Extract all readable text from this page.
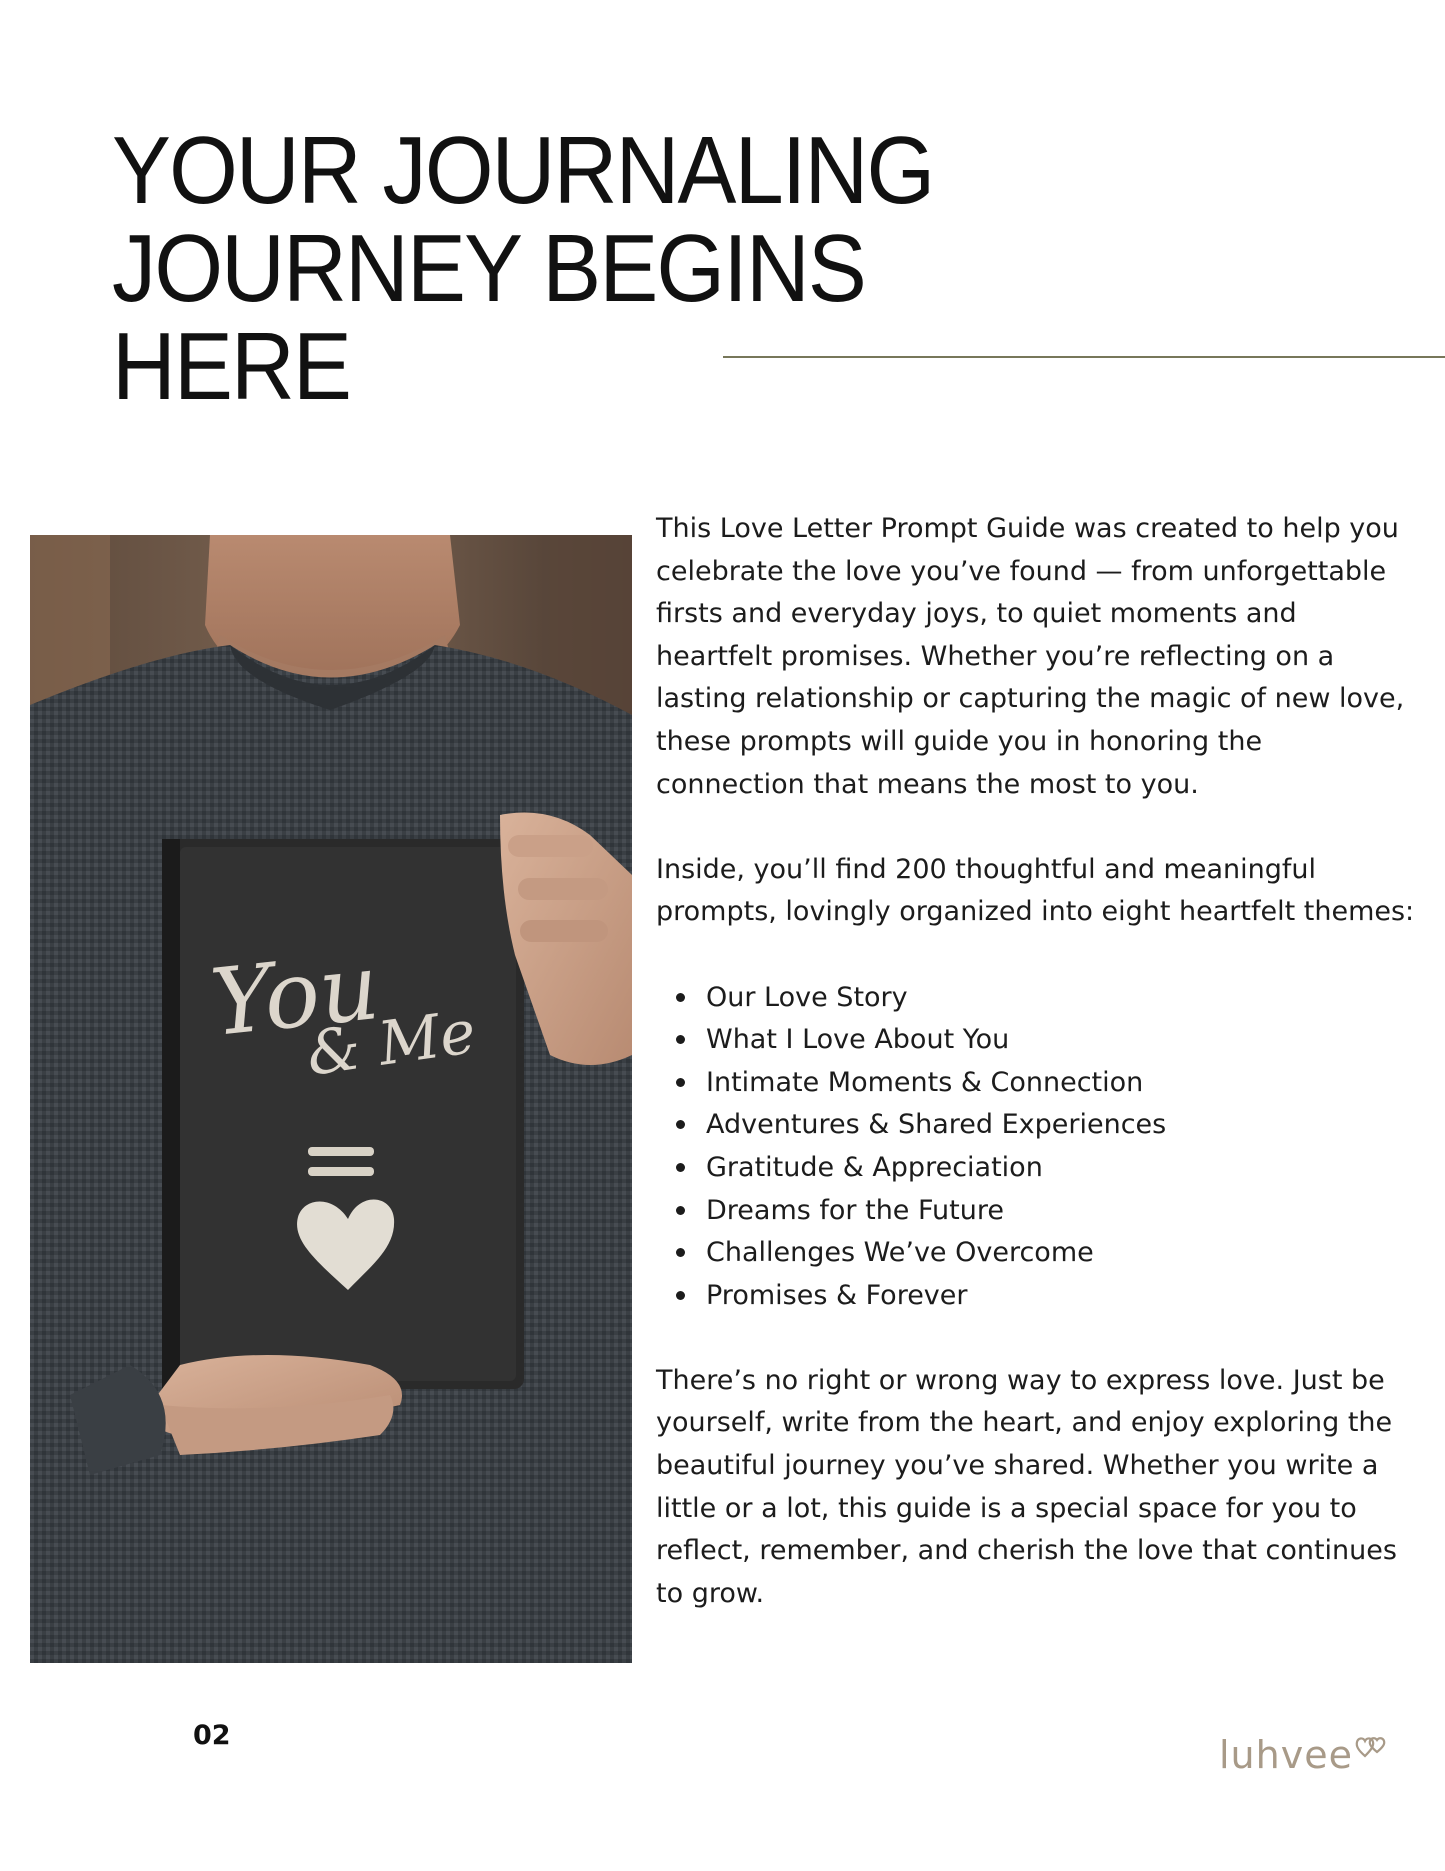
YOUR JOURNALING
JOURNEY BEGINS
HERE
You
& Me

This Love Letter Prompt Guide was created to help you celebrate the love you’ve found — from unforgettable firsts and everyday joys, to quiet moments and heartfelt promises. Whether you’re reflecting on a lasting relationship or capturing the magic of new love, these prompts will guide you in honoring the connection that means the most to you.

Inside, you’ll find 200 thoughtful and meaningful prompts, lovingly organized into eight heartfelt themes:

Our Love Story
What I Love About You
Intimate Moments & Connection
Adventures & Shared Experiences
Gratitude & Appreciation
Dreams for the Future
Challenges We’ve Overcome
Promises & Forever

There’s no right or wrong way to express love. Just be yourself, write from the heart, and enjoy exploring the beautiful journey you’ve shared. Whether you write a little or a lot, this guide is a special space for you to reflect, remember, and cherish the love that continues to grow.

02	luhvee
